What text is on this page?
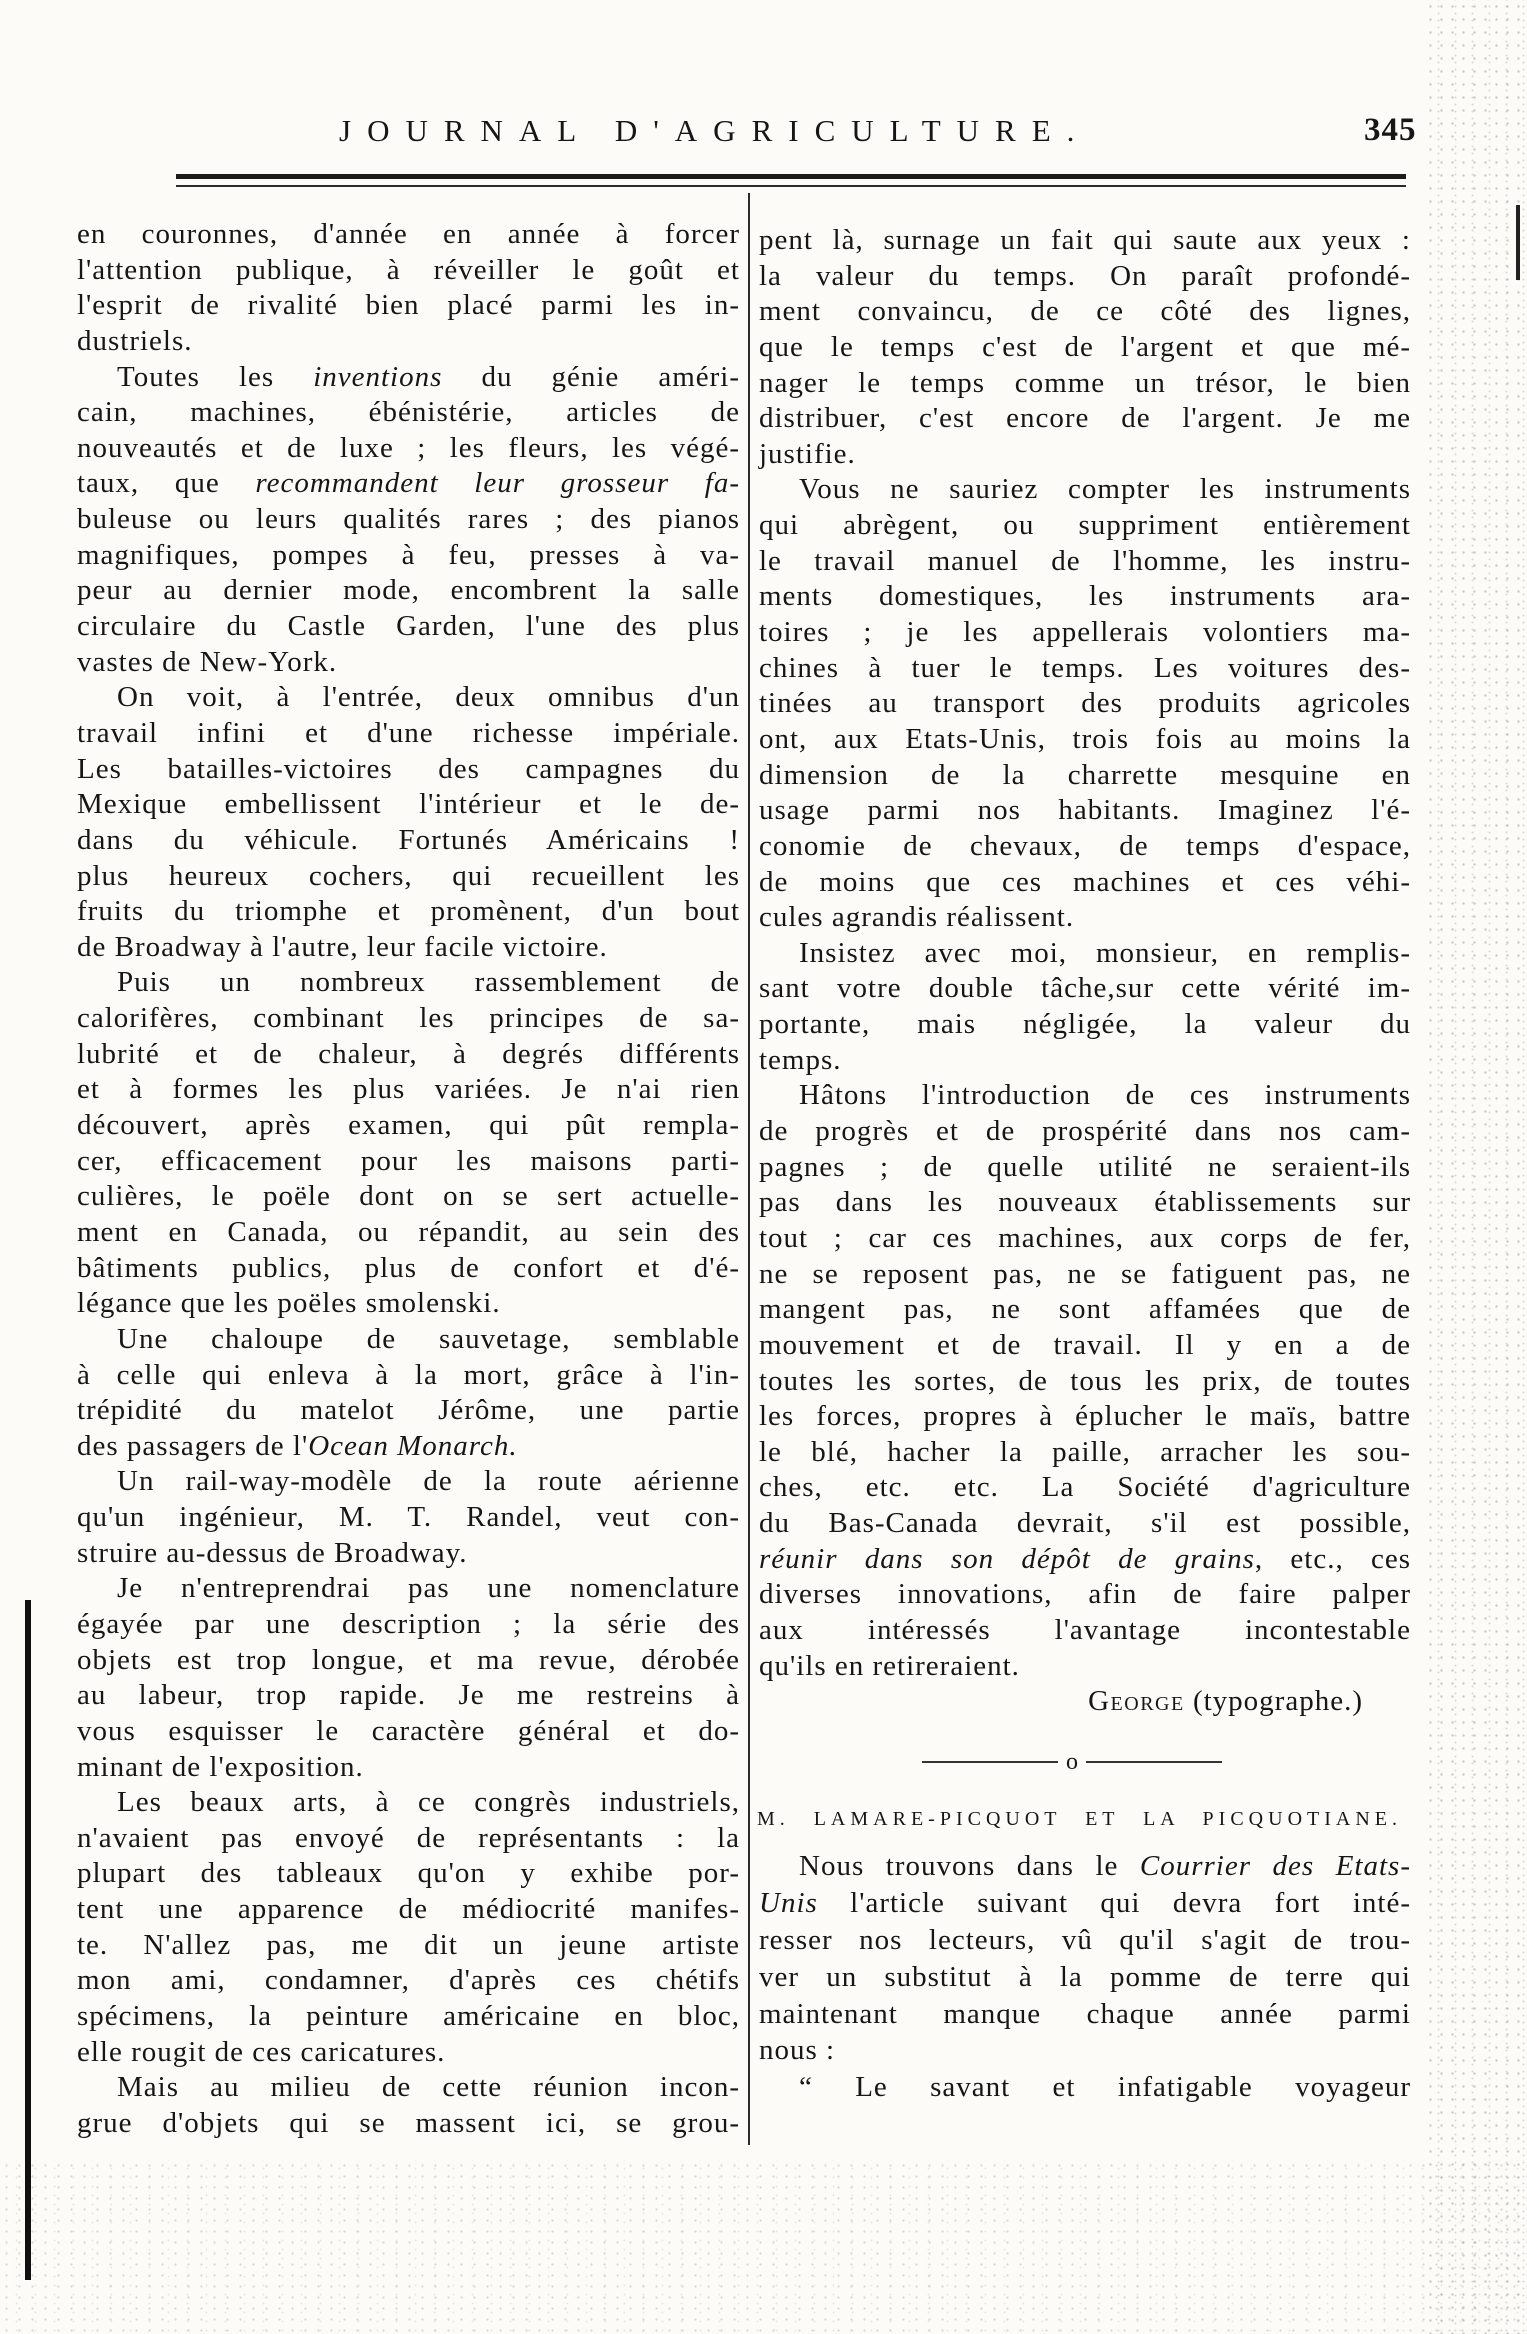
JOURNAL D'AGRICULTURE.	345
en couronnes, d'année en année à forcer
l'attention publique, à réveiller le goût et
l'esprit de rivalité bien placé parmi les in-
dustriels.
Toutes les inventions du génie améri-
cain, machines, ébénistérie, articles de
nouveautés et de luxe ; les fleurs, les végé-
taux, que recommandent leur grosseur fa-
buleuse ou leurs qualités rares ; des pianos
magnifiques, pompes à feu, presses à va-
peur au dernier mode, encombrent la salle
circulaire du Castle Garden, l'une des plus
vastes de New-York.
On voit, à l'entrée, deux omnibus d'un
travail infini et d'une richesse impériale.
Les batailles-victoires des campagnes du
Mexique embellissent l'intérieur et le de-
dans du véhicule. Fortunés Américains !
plus heureux cochers, qui recueillent les
fruits du triomphe et promènent, d'un bout
de Broadway à l'autre, leur facile victoire.
Puis un nombreux rassemblement de
calorifères, combinant les principes de sa-
lubrité et de chaleur, à degrés différents
et à formes les plus variées. Je n'ai rien
découvert, après examen, qui pût rempla-
cer, efficacement pour les maisons parti-
culières, le poële dont on se sert actuelle-
ment en Canada, ou répandit, au sein des
bâtiments publics, plus de confort et d'é-
légance que les poëles smolenski.
Une chaloupe de sauvetage, semblable
à celle qui enleva à la mort, grâce à l'in-
trépidité du matelot Jérôme, une partie
des passagers de l'Ocean Monarch.
Un rail-way-modèle de la route aérienne
qu'un ingénieur, M. T. Randel, veut con-
struire au-dessus de Broadway.
Je n'entreprendrai pas une nomenclature
égayée par une description ; la série des
objets est trop longue, et ma revue, dérobée
au labeur, trop rapide. Je me restreins à
vous esquisser le caractère général et do-
minant de l'exposition.
Les beaux arts, à ce congrès industriels,
n'avaient pas envoyé de représentants : la
plupart des tableaux qu'on y exhibe por-
tent une apparence de médiocrité manifes-
te. N'allez pas, me dit un jeune artiste
mon ami, condamner, d'après ces chétifs
spécimens, la peinture américaine en bloc,
elle rougit de ces caricatures.
Mais au milieu de cette réunion incon-
grue d'objets qui se massent ici, se grou-
pent là, surnage un fait qui saute aux yeux :
la valeur du temps. On paraît profondé-
ment convaincu, de ce côté des lignes,
que le temps c'est de l'argent et que mé-
nager le temps comme un trésor, le bien
distribuer, c'est encore de l'argent. Je me
justifie.
Vous ne sauriez compter les instruments
qui abrègent, ou suppriment entièrement
le travail manuel de l'homme, les instru-
ments domestiques, les instruments ara-
toires ; je les appellerais volontiers ma-
chines à tuer le temps. Les voitures des-
tinées au transport des produits agricoles
ont, aux Etats-Unis, trois fois au moins la
dimension de la charrette mesquine en
usage parmi nos habitants. Imaginez l'é-
conomie de chevaux, de temps d'espace,
de moins que ces machines et ces véhi-
cules agrandis réalissent.
Insistez avec moi, monsieur, en remplis-
sant votre double tâche,sur cette vérité im-
portante, mais négligée, la valeur du
temps.
Hâtons l'introduction de ces instruments
de progrès et de prospérité dans nos cam-
pagnes ; de quelle utilité ne seraient-ils
pas dans les nouveaux établissements sur
tout ; car ces machines, aux corps de fer,
ne se reposent pas, ne se fatiguent pas, ne
mangent pas, ne sont affamées que de
mouvement et de travail. Il y en a de
toutes les sortes, de tous les prix, de toutes
les forces, propres à éplucher le maïs, battre
le blé, hacher la paille, arracher les sou-
ches, etc. etc. La Société d'agriculture
du Bas-Canada devrait, s'il est possible,
réunir dans son dépôt de grains, etc., ces
diverses innovations, afin de faire palper
aux intéressés l'avantage incontestable
qu'ils en retireraient.
George (typographe.)
o
M. LAMARE-PICQUOT ET LA PICQUOTIANE.
Nous trouvons dans le Courrier des Etats-
Unis l'article suivant qui devra fort inté-
resser nos lecteurs, vû qu'il s'agit de trou-
ver un substitut à la pomme de terre qui
maintenant manque chaque année parmi
nous :
“ Le savant et infatigable voyageur
